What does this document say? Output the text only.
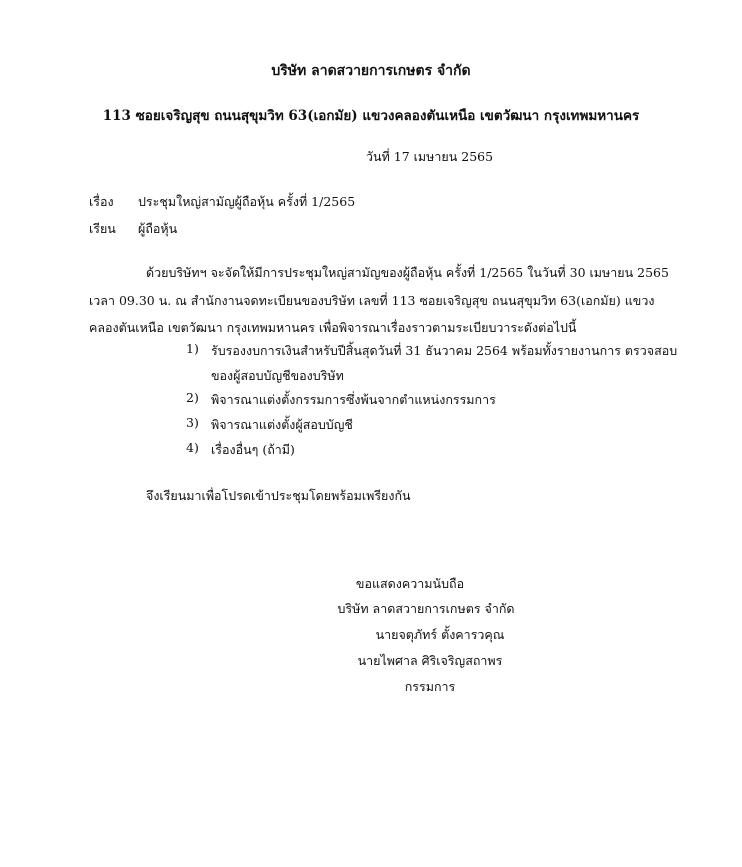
บริษัท ลาดสวายการเกษตร จำกัด
113 ซอยเจริญสุข ถนนสุขุมวิท 63(เอกมัย) แขวงคลองตันเหนือ เขตวัฒนา กรุงเทพมหานคร
วันที่ 17 เมษายน 2565
เรื่อง ประชุมใหญ่สามัญผู้ถือหุ้น ครั้งที่ 1/2565
เรียน ผู้ถือหุ้น
ด้วยบริษัทฯ จะจัดให้มีการประชุมใหญ่สามัญของผู้ถือหุ้น ครั้งที่ 1/2565 ในวันที่ 30 เมษายน 2565
เวลา 09.30 น. ณ สำนักงานจดทะเบียนของบริษัท เลขที่ 113 ซอยเจริญสุข ถนนสุขุมวิท 63(เอกมัย) แขวง
คลองตันเหนือ เขตวัฒนา กรุงเทพมหานคร เพื่อพิจารณาเรื่องราวตามระเบียบวาระดังต่อไปนี้
1) รับรองงบการเงินสำหรับปีสิ้นสุดวันที่ 31 ธันวาคม 2564 พร้อมทั้งรายงานการ ตรวจสอบ
ของผู้สอบบัญชีของบริษัท
2) พิจารณาแต่งตั้งกรรมการซึ่งพ้นจากตำแหน่งกรรมการ
3) พิจารณาแต่งตั้งผู้สอบบัญชี
4) เรื่องอื่นๆ (ถ้ามี)
จึงเรียนมาเพื่อโปรดเข้าประชุมโดยพร้อมเพรียงกัน
ขอแสดงความนับถือ
บริษัท ลาดสวายการเกษตร จำกัด
นายจตุภัทร์ ตั้งคารวคุณ
นายไพศาล ศิริเจริญสถาพร
กรรมการ
